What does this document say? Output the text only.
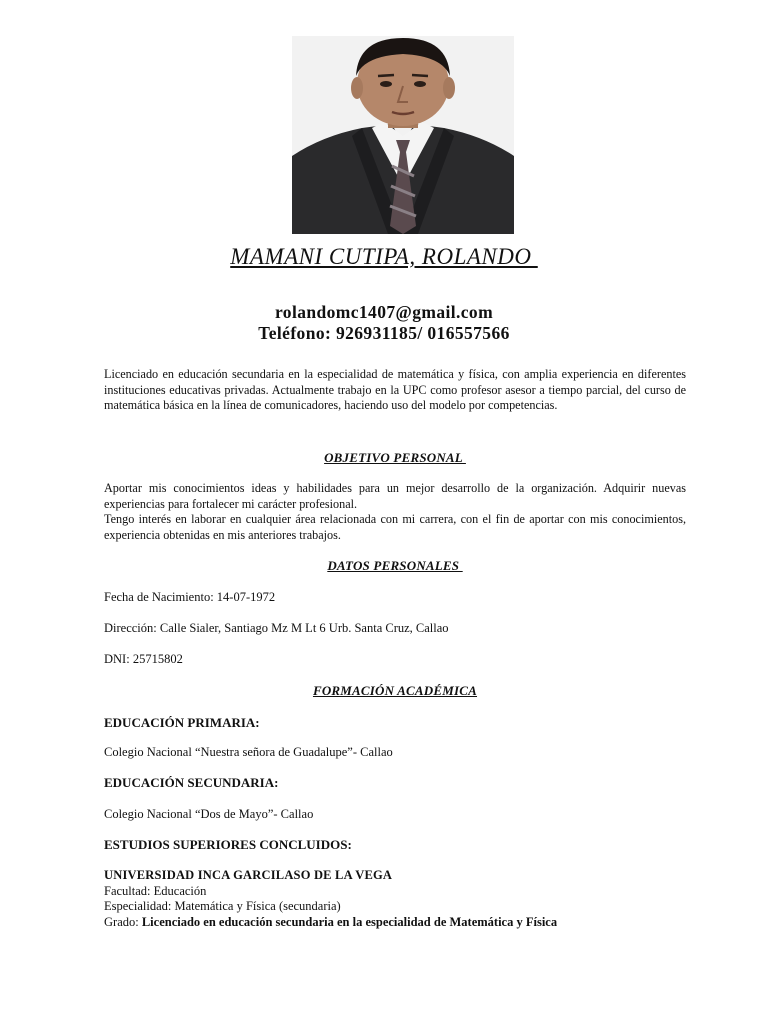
MAMANI CUTIPA, ROLANDO
rolandomc1407@gmail.com
Teléfono: 926931185/ 016557566
Licenciado en educación secundaria en la especialidad de matemática y física, con amplia experiencia en diferentes instituciones educativas privadas. Actualmente trabajo en la UPC como profesor asesor a tiempo parcial, del curso de matemática básica en la línea de comunicadores, haciendo uso del modelo por competencias.
OBJETIVO PERSONAL
Aportar mis conocimientos ideas y habilidades para un mejor desarrollo de la organización. Adquirir nuevas experiencias para fortalecer mi carácter profesional.
Tengo interés en laborar en cualquier área relacionada con mi carrera, con el fin de aportar con mis conocimientos, experiencia obtenidas en mis anteriores trabajos.
DATOS PERSONALES
Fecha de Nacimiento: 14-07-1972
Dirección: Calle Sialer, Santiago Mz M Lt 6 Urb. Santa Cruz, Callao
DNI: 25715802
FORMACIÓN ACADÉMICA
EDUCACIÓN PRIMARIA:
Colegio Nacional “Nuestra señora de Guadalupe”- Callao
EDUCACIÓN SECUNDARIA:
Colegio Nacional “Dos de Mayo”- Callao
ESTUDIOS SUPERIORES CONCLUIDOS:
UNIVERSIDAD INCA GARCILASO DE LA VEGA
Facultad: Educación
Especialidad: Matemática y Física (secundaria)
Grado: Licenciado en educación secundaria en la especialidad de Matemática y Física
